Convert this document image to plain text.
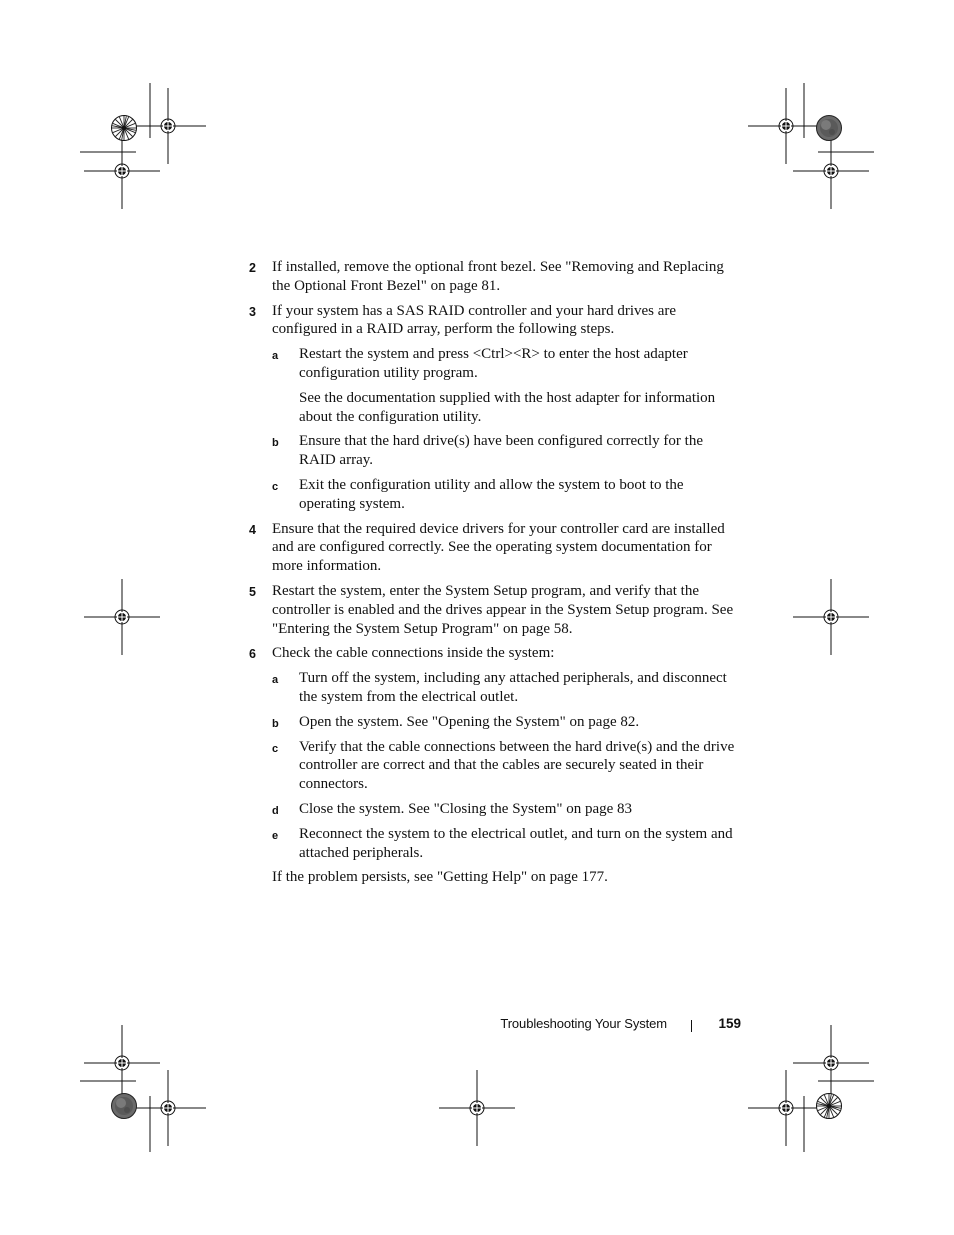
2 If installed, remove the optional front bezel. See "Removing and Replacing the Optional Front Bezel" on page 81.
3 If your system has a SAS RAID controller and your hard drives are configured in a RAID array, perform the following steps.
a Restart the system and press <Ctrl><R> to enter the host adapter configuration utility program.
See the documentation supplied with the host adapter for information about the configuration utility.
b Ensure that the hard drive(s) have been configured correctly for the RAID array.
c Exit the configuration utility and allow the system to boot to the operating system.
4 Ensure that the required device drivers for your controller card are installed and are configured correctly. See the operating system documentation for more information.
5 Restart the system, enter the System Setup program, and verify that the controller is enabled and the drives appear in the System Setup program. See "Entering the System Setup Program" on page 58.
6 Check the cable connections inside the system:
a Turn off the system, including any attached peripherals, and disconnect the system from the electrical outlet.
b Open the system. See "Opening the System" on page 82.
c Verify that the cable connections between the hard drive(s) and the drive controller are correct and that the cables are securely seated in their connectors.
d Close the system. See "Closing the System" on page 83
e Reconnect the system to the electrical outlet, and turn on the system and attached peripherals.
If the problem persists, see "Getting Help" on page 177.
Troubleshooting Your System	159
